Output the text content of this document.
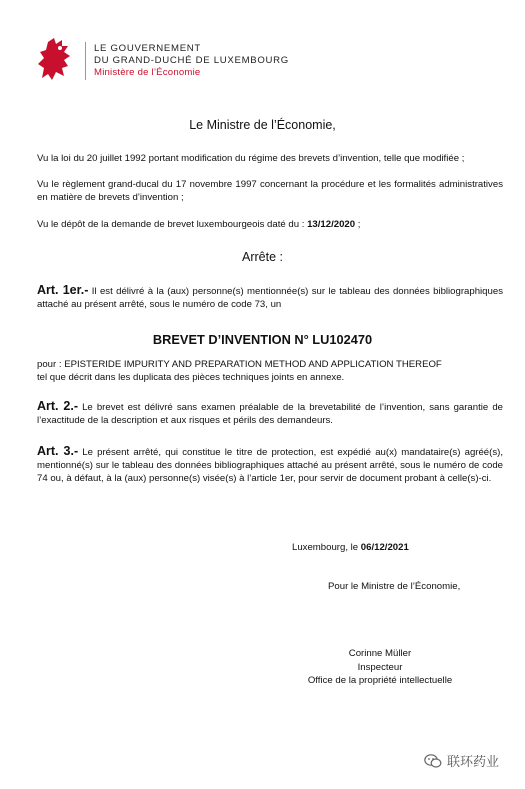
LE GOUVERNEMENT
DU GRAND-DUCHÉ DE LUXEMBOURG
Ministère de l’Économie
Le Ministre de l’Économie,
Vu la loi du 20 juillet 1992 portant modification du régime des brevets d’invention, telle que modifiée ;
Vu le règlement grand-ducal du 17 novembre 1997 concernant la procédure et les formalités administratives en matière de brevets d’invention ;
Vu le dépôt de la demande de brevet luxembourgeois daté du : 13/12/2020 ;
Arrête :
Art. 1er.- Il est délivré à la (aux) personne(s) mentionnée(s) sur le tableau des données bibliographiques attaché au présent arrêté, sous le numéro de code 73, un
BREVET D’INVENTION N° LU102470
pour : EPISTERIDE IMPURITY AND PREPARATION METHOD AND APPLICATION THEREOF
tel que décrit dans les duplicata des pièces techniques joints en annexe.
Art. 2.- Le brevet est délivré sans examen préalable de la brevetabilité de l’invention, sans garantie de l’exactitude de la description et aux risques et périls des demandeurs.
Art. 3.- Le présent arrêté, qui constitue le titre de protection, est expédié au(x) mandataire(s) agréé(s), mentionné(s) sur le tableau des données bibliographiques attaché au présent arrêté, sous le numéro de code 74 ou, à défaut, à la (aux) personne(s) visée(s) à l’article 1er, pour servir de document probant à celle(s)-ci.
Luxembourg, le 06/12/2021
Pour le Ministre de l’Économie,
Corinne Müller
Inspecteur
Office de la propriété intellectuelle
联环药业
